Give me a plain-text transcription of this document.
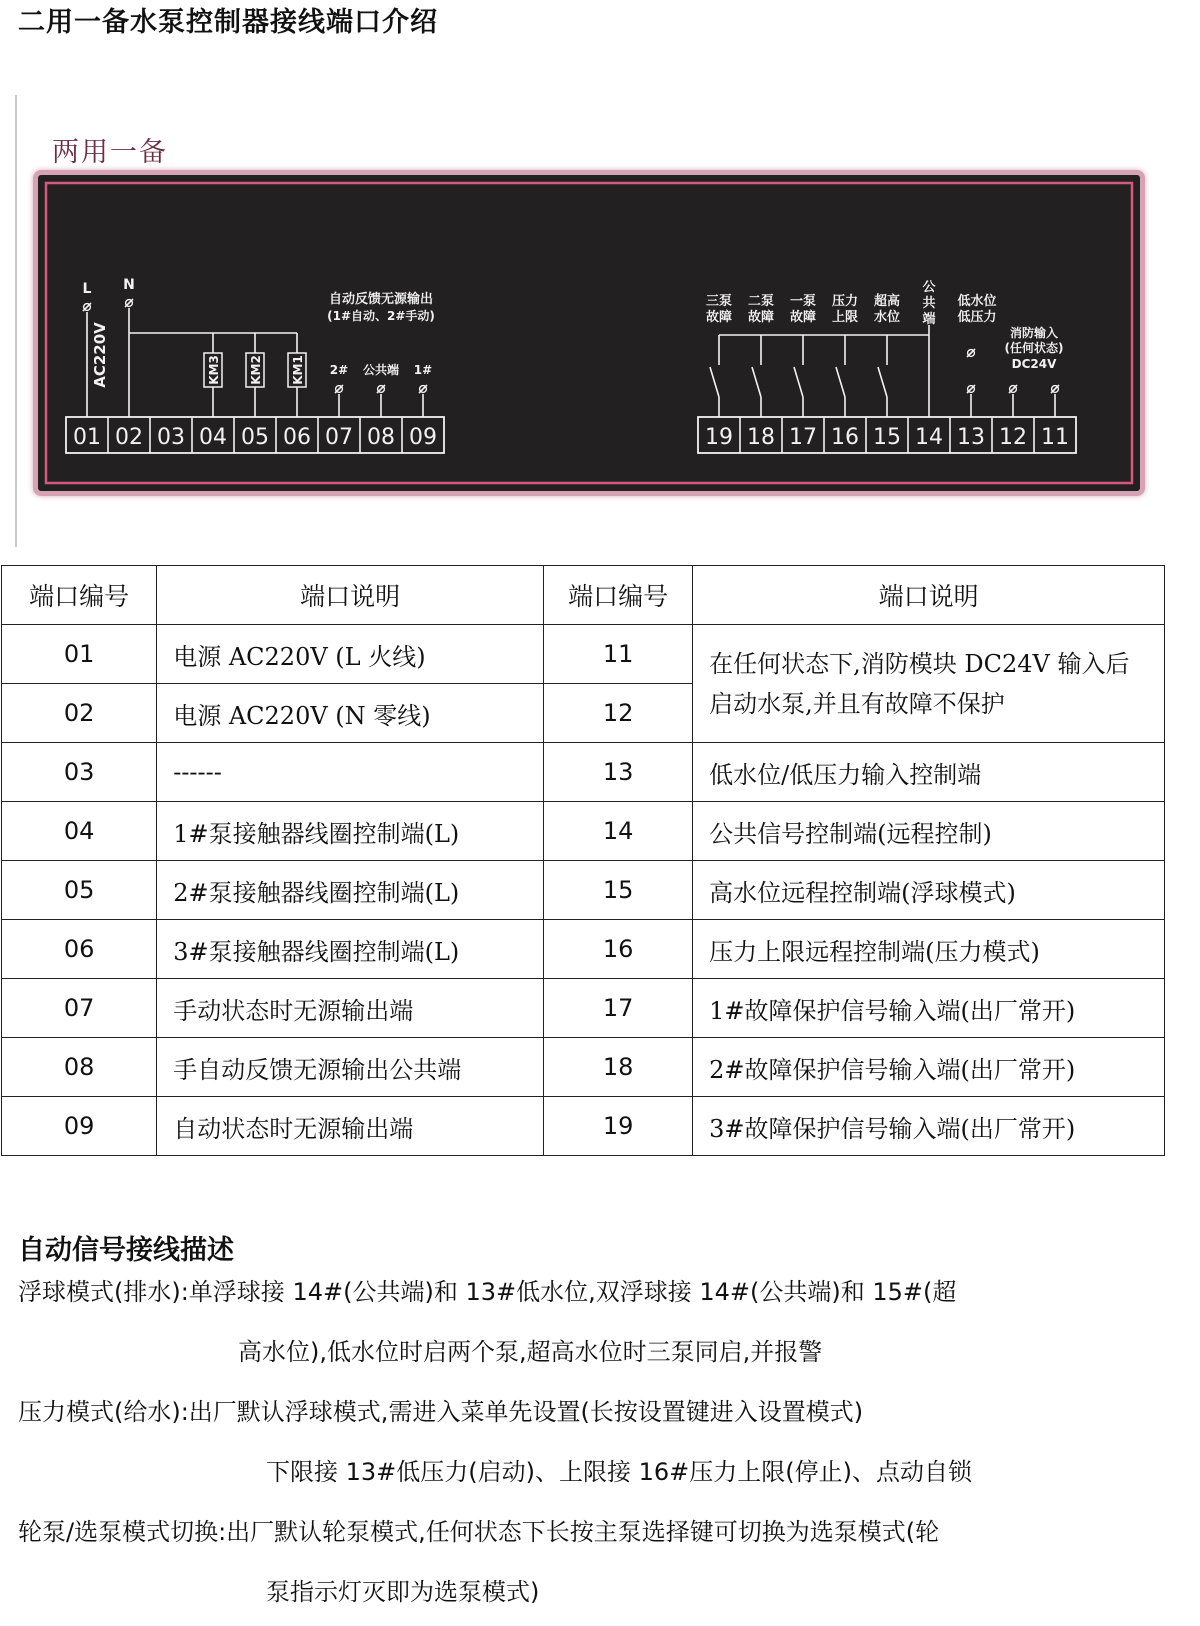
二用一备水泵控制器接线端口介绍
两用一备
01 02 03 04 05 06 07 08 09
L N
AC220V	KM3 KM2 KM1
自动反馈无源输出
(1#自动、2#手动)
2# 公共端 1#
19 18 17 16 15 14 13 12 11
三泵
故障
二泵
故障
一泵
故障
压力
上限
超高
水位
公
共
端
低水位
低压力
消防输入
(任何状态)
DC24V
端口编号	端口说明	端口编号	端口说明
01	电源 AC220V (L 火线)	11	在任何状态下,消防模块 DC24V 输入后启动水泵,并且有故障不保护
02	电源 AC220V (N 零线)	12	
03	------	13	低水位/低压力输入控制端
04	1#泵接触器线圈控制端(L)	14	公共信号控制端(远程控制)
05	2#泵接触器线圈控制端(L)	15	高水位远程控制端(浮球模式)
06	3#泵接触器线圈控制端(L)	16	压力上限远程控制端(压力模式)
07	手动状态时无源输出端	17	1#故障保护信号输入端(出厂常开)
08	手自动反馈无源输出公共端	18	2#故障保护信号输入端(出厂常开)
09	自动状态时无源输出端	19	3#故障保护信号输入端(出厂常开)
自动信号接线描述

浮球模式(排水):单浮球接 14#(公共端)和 13#低水位,双浮球接 14#(公共端)和 15#(超
高水位),低水位时启两个泵,超高水位时三泵同启,并报警

压力模式(给水):出厂默认浮球模式,需进入菜单先设置(长按设置键进入设置模式)
下限接 13#低压力(启动)、上限接 16#压力上限(停止)、点动自锁

轮泵/选泵模式切换:出厂默认轮泵模式,任何状态下长按主泵选择键可切换为选泵模式(轮
泵指示灯灭即为选泵模式)
